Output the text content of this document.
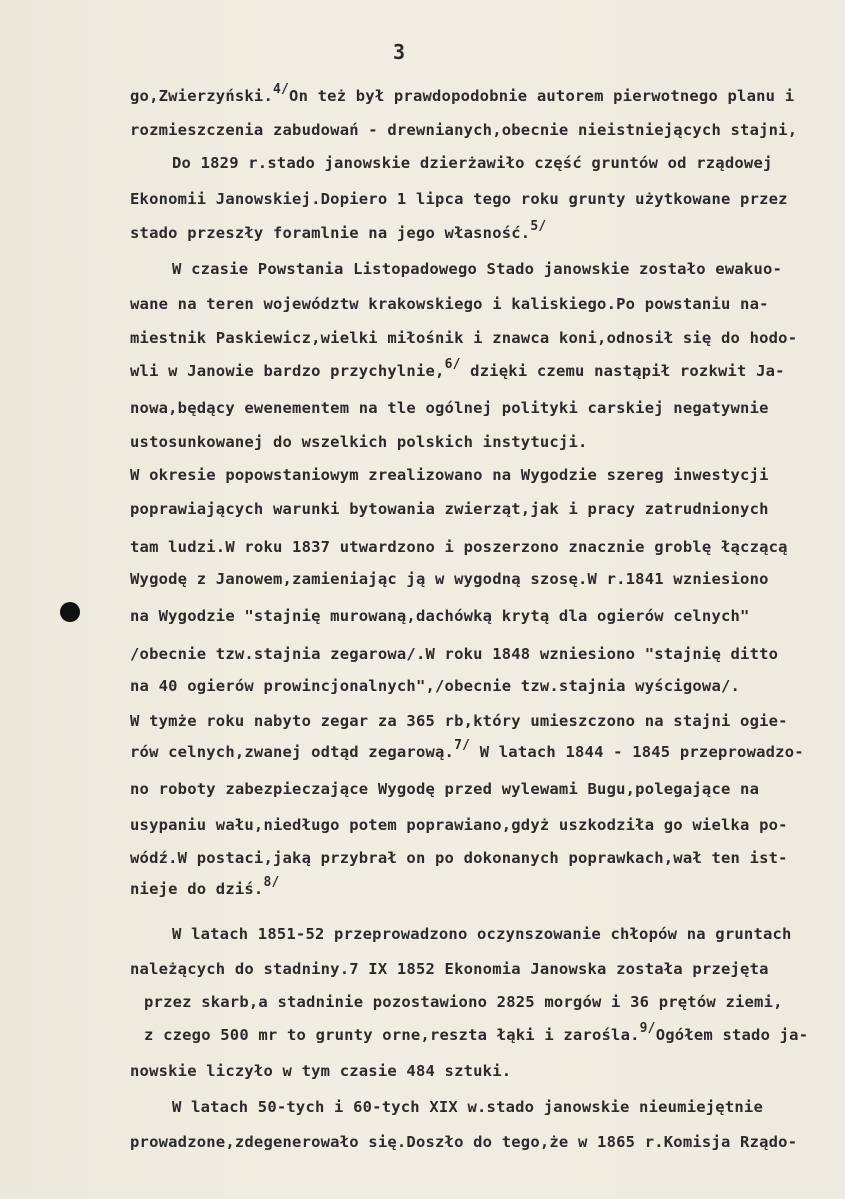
3
go,Zwierzyński.$^{4/}$On też był prawdopodobnie autorem pierwotnego planu i
rozmieszczenia zabudowań - drewnianych,obecnie nieistniejących stajni,
Do 1829 r.stado janowskie dzierżawiło część gruntów od rządowej
Ekonomii Janowskiej.Dopiero 1 lipca tego roku grunty użytkowane przez
stado przeszły foramlnie na jego własność.$^{5/}$
W czasie Powstania Listopadowego Stado janowskie zostało ewakuo-
wane na teren województw krakowskiego i kaliskiego.Po powstaniu na-
miestnik Paskiewicz,wielki miłośnik i znawca koni,odnosił się do hodo-
wli w Janowie bardzo przychylnie,$^{6/}$ dzięki czemu nastąpił rozkwit Ja-
nowa,będący ewenementem na tle ogólnej polityki carskiej negatywnie
ustosunkowanej do wszelkich polskich instytucji.
W okresie popowstaniowym zrealizowano na Wygodzie szereg inwestycji
poprawiających warunki bytowania zwierząt,jak i pracy zatrudnionych
tam ludzi.W roku 1837 utwardzono i poszerzono znacznie groblę łączącą
Wygodę z Janowem,zamieniając ją w wygodną szosę.W r.1841 wzniesiono
na Wygodzie "stajnię murowaną,dachówką krytą dla ogierów celnych"
/obecnie tzw.stajnia zegarowa/.W roku 1848 wzniesiono "stajnię ditto
na 40 ogierów prowincjonalnych",/obecnie tzw.stajnia wyścigowa/.
W tymże roku nabyto zegar za 365 rb,który umieszczono na stajni ogie-
rów celnych,zwanej odtąd zegarową.$^{7/}$ W latach 1844 - 1845 przeprowadzo-
no roboty zabezpieczające Wygodę przed wylewami Bugu,polegające na
usypaniu wału,niedługo potem poprawiano,gdyż uszkodziła go wielka po-
wódź.W postaci,jaką przybrał on po dokonanych poprawkach,wał ten ist-
nieje do dziś.$^{8/}$
W latach 1851-52 przeprowadzono oczynszowanie chłopów na gruntach
należących do stadniny.7 IX 1852 Ekonomia Janowska została przejęta
przez skarb,a stadninie pozostawiono 2825 morgów i 36 prętów ziemi,
z czego 500 mr to grunty orne,reszta łąki i zarośla.$^{9/}$Ogółem stado ja-
nowskie liczyło w tym czasie 484 sztuki.
W latach 50-tych i 60-tych XIX w.stado janowskie nieumiejętnie
prowadzone,zdegenerowało się.Doszło do tego,że w 1865 r.Komisja Rządo-
